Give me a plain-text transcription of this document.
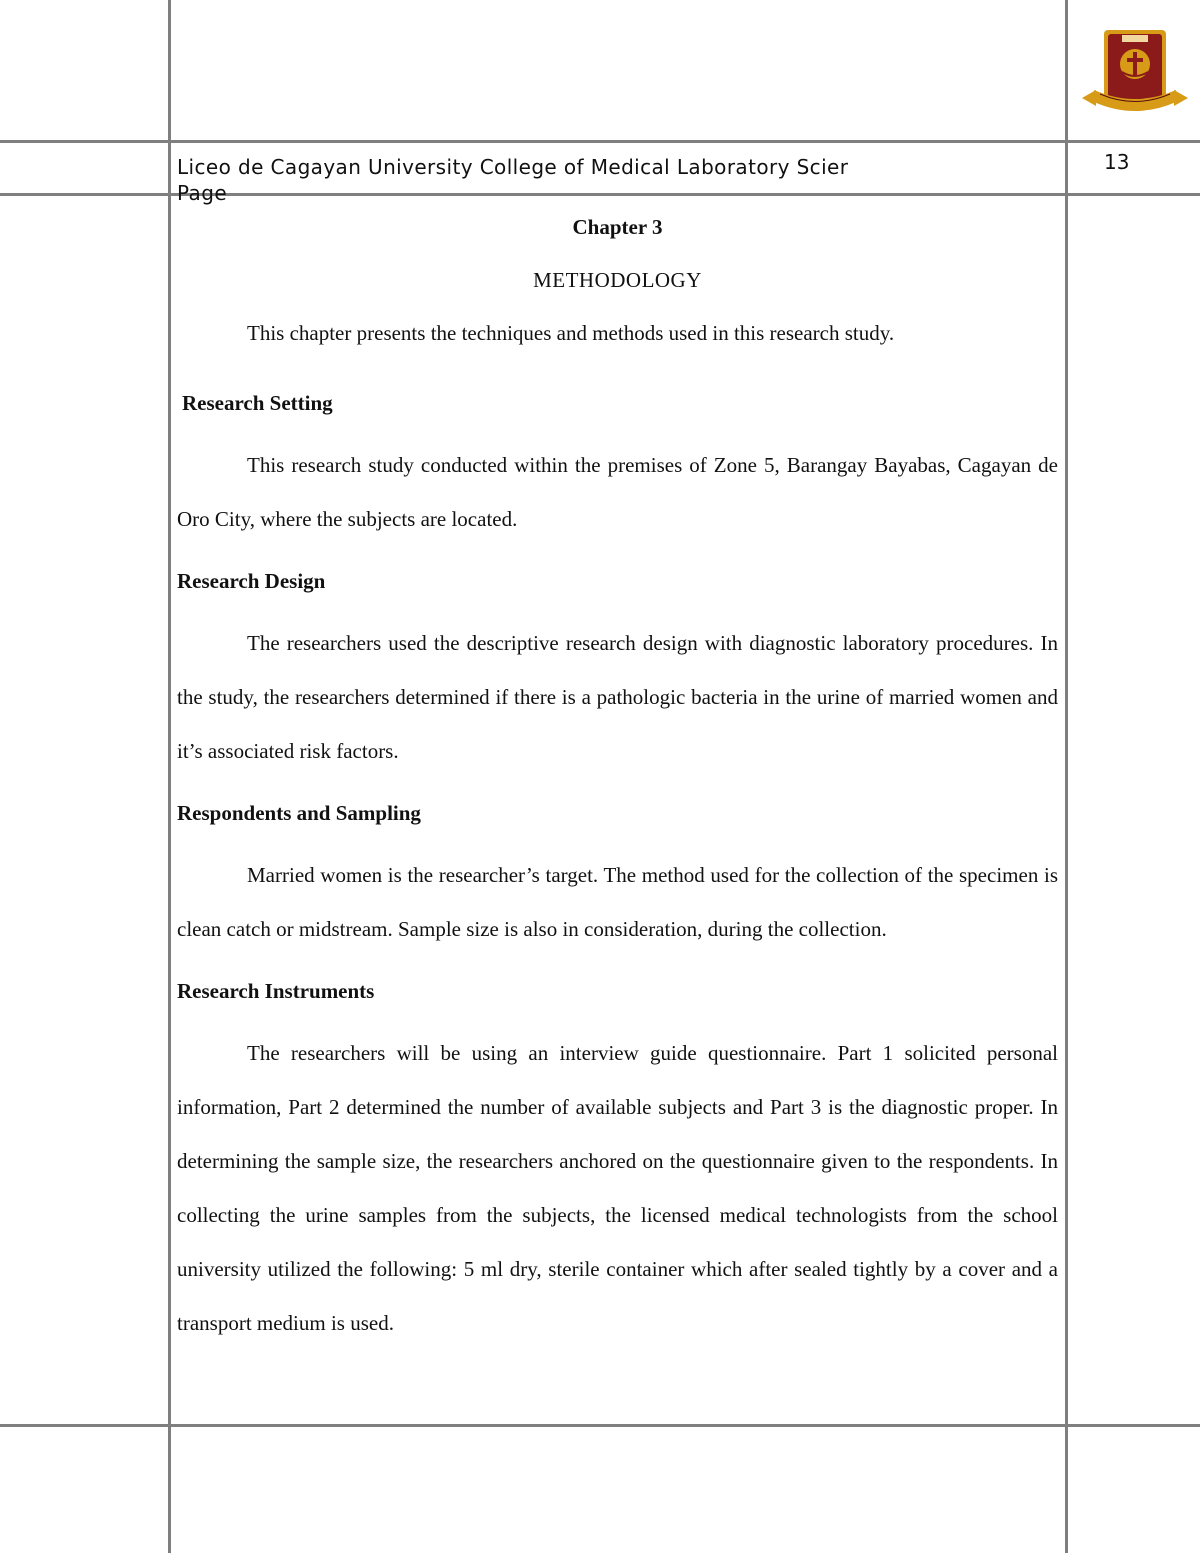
Liceo de Cagayan University College of Medical Laboratory Scier
Page
13

Chapter 3

METHODOLOGY

This chapter presents the techniques and methods used in this research study.

Research Setting

This research study conducted within the premises of Zone 5, Barangay Bayabas, Cagayan de Oro City, where the subjects are located.

Research Design

The researchers used the descriptive research design with diagnostic laboratory procedures. In the study, the researchers determined if there is a pathologic bacteria in the urine of married women and it’s associated risk factors.

Respondents and Sampling

Married women is the researcher’s target. The method used for the collection of the specimen is clean catch or midstream. Sample size is also in consideration, during the collection.

Research Instruments

The researchers will be using an interview guide questionnaire. Part 1 solicited personal information, Part 2 determined the number of available subjects and Part 3 is the diagnostic proper. In determining the sample size, the researchers anchored on the questionnaire given to the respondents. In collecting the urine samples from the subjects, the licensed medical technologists from the school university utilized the following: 5 ml dry, sterile container which after sealed tightly by a cover and a transport medium is used.
